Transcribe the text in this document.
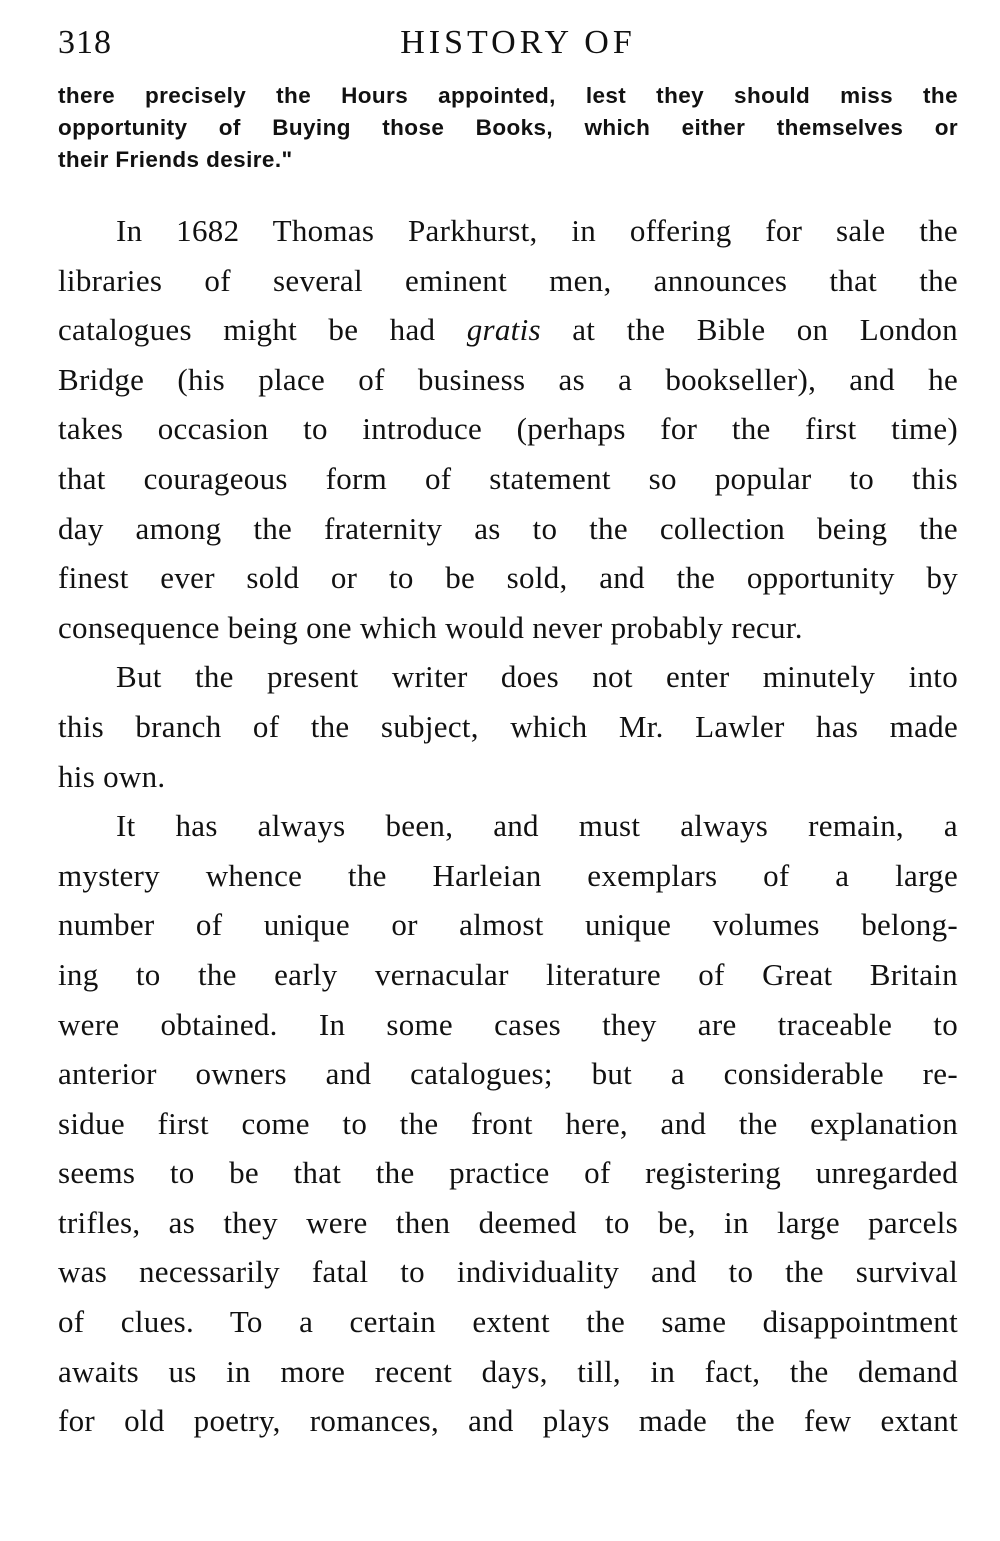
318	HISTORY OF
there precisely the Hours appointed, lest they should miss the
opportunity of Buying those Books, which either themselves or
their Friends desire."
In 1682 Thomas Parkhurst, in offering for sale the
libraries of several eminent men, announces that the
catalogues might be had gratis at the Bible on London
Bridge (his place of business as a bookseller), and he
takes occasion to introduce (perhaps for the first time)
that courageous form of statement so popular to this
day among the fraternity as to the collection being the
finest ever sold or to be sold, and the opportunity by
consequence being one which would never probably recur.
But the present writer does not enter minutely into
this branch of the subject, which Mr. Lawler has made
his own.
It has always been, and must always remain, a
mystery whence the Harleian exemplars of a large
number of unique or almost unique volumes belong-
ing to the early vernacular literature of Great Britain
were obtained. In some cases they are traceable to
anterior owners and catalogues; but a considerable re-
sidue first come to the front here, and the explanation
seems to be that the practice of registering unregarded
trifles, as they were then deemed to be, in large parcels
was necessarily fatal to individuality and to the survival
of clues. To a certain extent the same disappointment
awaits us in more recent days, till, in fact, the demand
for old poetry, romances, and plays made the few extant
